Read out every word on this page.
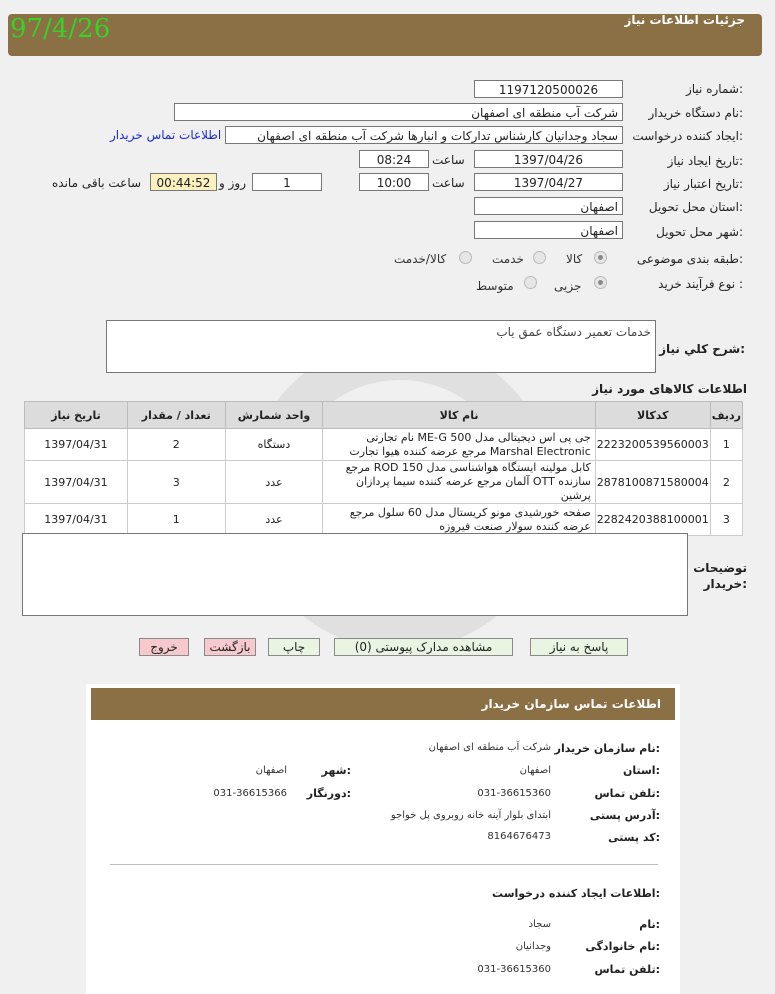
جزئیات اطلاعات نیاز
97/4/26
شماره نیاز:
1197120500026
نام دستگاه خریدار:
شرکت آب منطقه ای اصفهان
ایجاد کننده درخواست:
سجاد وجدانیان کارشناس تدارکات و انبارها شرکت آب منطقه ای اصفهان
اطلاعات تماس خریدار
تاریخ ایجاد نیاز:
1397/04/26
ساعت
08:24
تاریخ اعتبار نیاز:
1397/04/27
ساعت
10:00
1
روز و
00:44:52
ساعت باقی مانده
استان محل تحویل:
اصفهان
شهر محل تحویل:
اصفهان
طبقه بندی موضوعی:
کالا
خدمت
کالا/خدمت
نوع فرآیند خرید :
جزیی
متوسط
خدمات تعمیر دستگاه عمق یاب
شرح کلي نیاز:
اطلاعات کالاهای مورد نیاز
ردیف	کدکالا	نام کالا	واحد شمارش	تعداد / مقدار	تاریخ نیاز
1	2223200539560003	جی پی اس دیجیتالی مدل ME-G 500 نام تجارتی Marshal Electronic مرجع عرضه کننده هیوا تجارت	دستگاه	2	1397/04/31
2	2878100871580004	کابل مولینه ایستگاه هواشناسی مدل ROD 150 مرجع سازنده OTT آلمان مرجع عرضه کننده سیما پردازان پرشین	عدد	3	1397/04/31
3	2282420388100001	صفحه خورشیدی مونو کریستال مدل 60 سلول مرجع عرضه کننده سولار صنعت فیروزه	عدد	1	1397/04/31
توضیحات خریدار:
پاسخ به نیاز
مشاهده مدارک پیوستی (0)
چاپ
بازگشت
خروج
اطلاعات تماس سازمان خریدار
نام سازمان خریدار:
شرکت آب منطقه ای اصفهان
استان:
اصفهان
شهر:
اصفهان
تلفن تماس:
031-36615360
دورنگار:
031-36615366
آدرس پستی:
ابتدای بلوار آینه خانه روبروی پل خواجو
کد پستی:
8164676473
اطلاعات ایجاد کننده درخواست:
نام:
سجاد
نام خانوادگی:
وجدانیان
تلفن تماس:
031-36615360
